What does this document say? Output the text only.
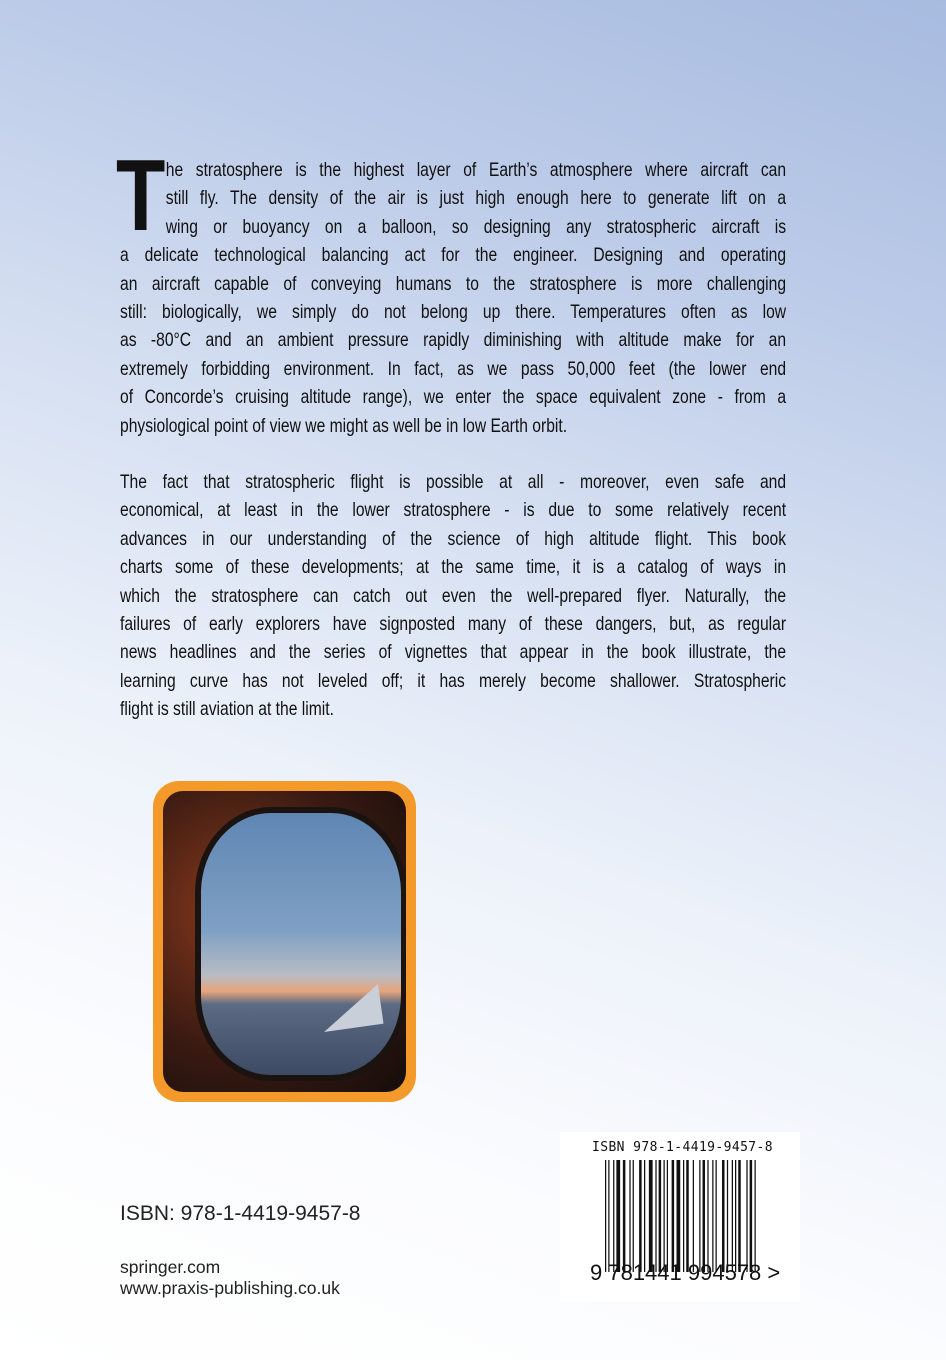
T he stratosphere is the highest layer of Earth’s atmosphere where aircraft can
still fly. The density of the air is just high enough here to generate lift on a
wing or buoyancy on a balloon, so designing any stratospheric aircraft is
a delicate technological balancing act for the engineer. Designing and operating
an aircraft capable of conveying humans to the stratosphere is more challenging
still: biologically, we simply do not belong up there. Temperatures often as low
as -80°C and an ambient pressure rapidly diminishing with altitude make for an
extremely forbidding environment. In fact, as we pass 50,000 feet (the lower end
of Concorde’s cruising altitude range), we enter the space equivalent zone - from a
physiological point of view we might as well be in low Earth orbit.
The fact that stratospheric flight is possible at all - moreover, even safe and
economical, at least in the lower stratosphere - is due to some relatively recent
advances in our understanding of the science of high altitude flight. This book
charts some of these developments; at the same time, it is a catalog of ways in
which the stratosphere can catch out even the well-prepared flyer. Naturally, the
failures of early explorers have signposted many of these dangers, but, as regular
news headlines and the series of vignettes that appear in the book illustrate, the
learning curve has not leveled off; it has merely become shallower. Stratospheric
flight is still aviation at the limit.
ISBN: 978-1-4419-9457-8
springer.com
www.praxis-publishing.co.uk
ISBN 978-1-4419-9457-8
9 781441 994578 >
